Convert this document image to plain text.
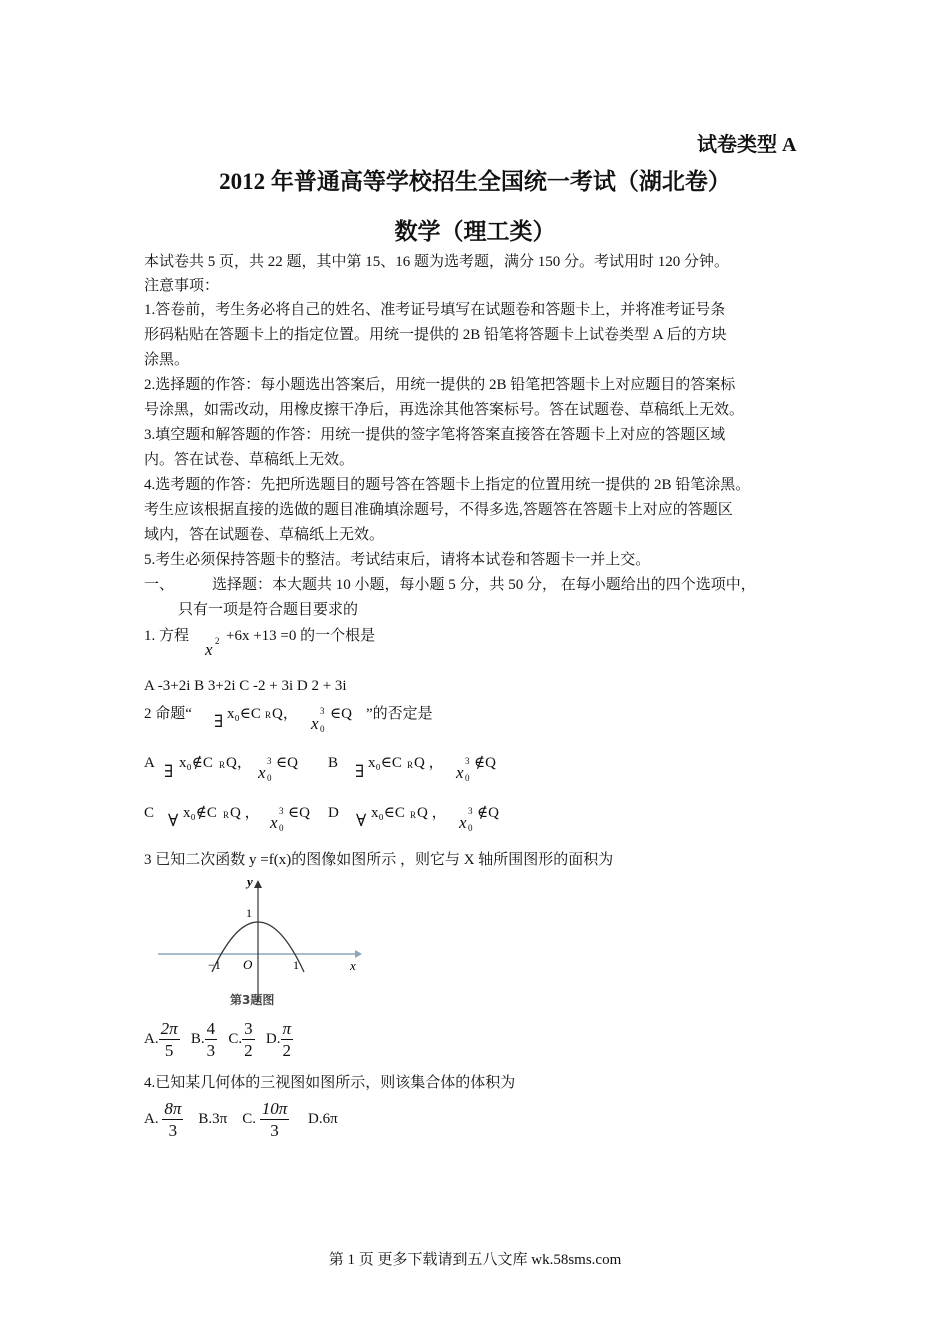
试卷类型 A
2012 年普通高等学校招生全国统一考试（湖北卷）
数学（理工类）
本试卷共 5 页，共 22 题，其中第 15、16 题为选考题，满分 150 分。考试用时 120 分钟。
注意事项：
1.答卷前，考生务必将自己的姓名、准考证号填写在试题卷和答题卡上，并将准考证号条
形码粘贴在答题卡上的指定位置。用统一提供的 2B 铅笔将答题卡上试卷类型 A 后的方块
涂黑。
2.选择题的作答：每小题选出答案后，用统一提供的 2B 铅笔把答题卡上对应题目的答案标
号涂黑，如需改动，用橡皮擦干净后，再选涂其他答案标号。答在试题卷、草稿纸上无效。
3.填空题和解答题的作答：用统一提供的签字笔将答案直接答在答题卡上对应的答题区域
内。答在试卷、草稿纸上无效。
4.选考题的作答：先把所选题目的题号答在答题卡上指定的位置用统一提供的 2B 铅笔涂黑。
考生应该根据直接的选做的题目准确填涂题号，不得多选,答题答在答题卡上对应的答题区
域内，答在试题卷、草稿纸上无效。
5.考生必须保持答题卡的整洁。考试结束后，请将本试卷和答题卡一并上交。
一、	选择题：本大题共 10 小题，每小题 5 分，共 50 分， 在每小题给出的四个选项中，
只有一项是符合题目要求的
1. 方程
x 2 +6x +13 =0 的一个根是
A -3+2i B 3+2i C -2 + 3i D 2 + 3i
2 命题“ ∃ x₀∈C R Q， x
3
0
∈Q ”的否定是
A ∃ x₀∉C R Q， x
3
0
∈Q B ∃ x₀∈C R Q ， x
3
0
∉Q
C ∀ x₀∉C R Q ， x
3
0
∈Q D ∀ x₀∈C R Q ， x
3
0
∉Q
3 已知二次函数 y =f(x)的图像如图所示 ，则它与 X 轴所围图形的面积为
y
x
1
−1 O	1
第3题图
A. $\frac{2\pi}{5} B$. $\frac{4}{3} C$. $\frac{3}{2} D$. $\frac{\pi}{2}$
4.已知某几何体的三视图如图所示，则该集合体的体积为
A. $\frac{8\pi}{3} B.3\pi$ C. $\frac{10\pi}{3} D.6\pi$
第 1 页 更多下载请到五八文库 wk.58sms.com
